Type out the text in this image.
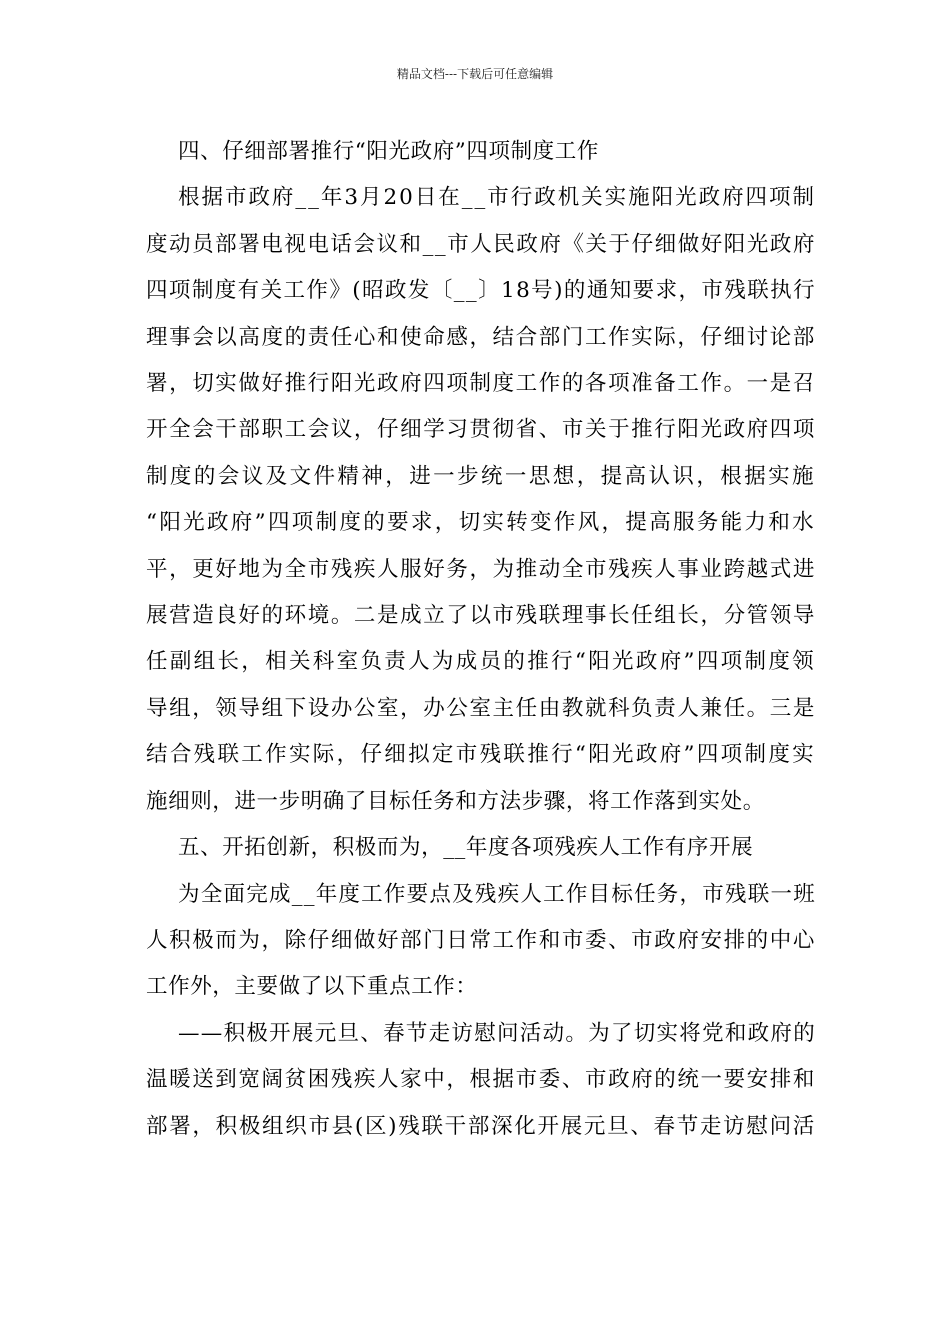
精品文档---下载后可任意编辑
四、仔细部署推行“阳光政府”四项制度工作
根据市政府__年3月20日在__市行政机关实施阳光政府四项制
度动员部署电视电话会议和__市人民政府《关于仔细做好阳光政府
四项制度有关工作》(昭政发〔__〕18号)的通知要求，市残联执行
理事会以高度的责任心和使命感，结合部门工作实际，仔细讨论部
署，切实做好推行阳光政府四项制度工作的各项准备工作。一是召
开全会干部职工会议，仔细学习贯彻省、市关于推行阳光政府四项
制度的会议及文件精神，进一步统一思想，提高认识，根据实施
“阳光政府”四项制度的要求，切实转变作风，提高服务能力和水
平，更好地为全市残疾人服好务，为推动全市残疾人事业跨越式进
展营造良好的环境。二是成立了以市残联理事长任组长，分管领导
任副组长，相关科室负责人为成员的推行“阳光政府”四项制度领
导组，领导组下设办公室，办公室主任由教就科负责人兼任。三是
结合残联工作实际，仔细拟定市残联推行“阳光政府”四项制度实
施细则，进一步明确了目标任务和方法步骤，将工作落到实处。
五、开拓创新，积极而为，__年度各项残疾人工作有序开展
为全面完成__年度工作要点及残疾人工作目标任务，市残联一班
人积极而为，除仔细做好部门日常工作和市委、市政府安排的中心
工作外，主要做了以下重点工作：
——积极开展元旦、春节走访慰问活动。为了切实将党和政府的
温暖送到宽阔贫困残疾人家中，根据市委、市政府的统一要安排和
部署，积极组织市县(区)残联干部深化开展元旦、春节走访慰问活
